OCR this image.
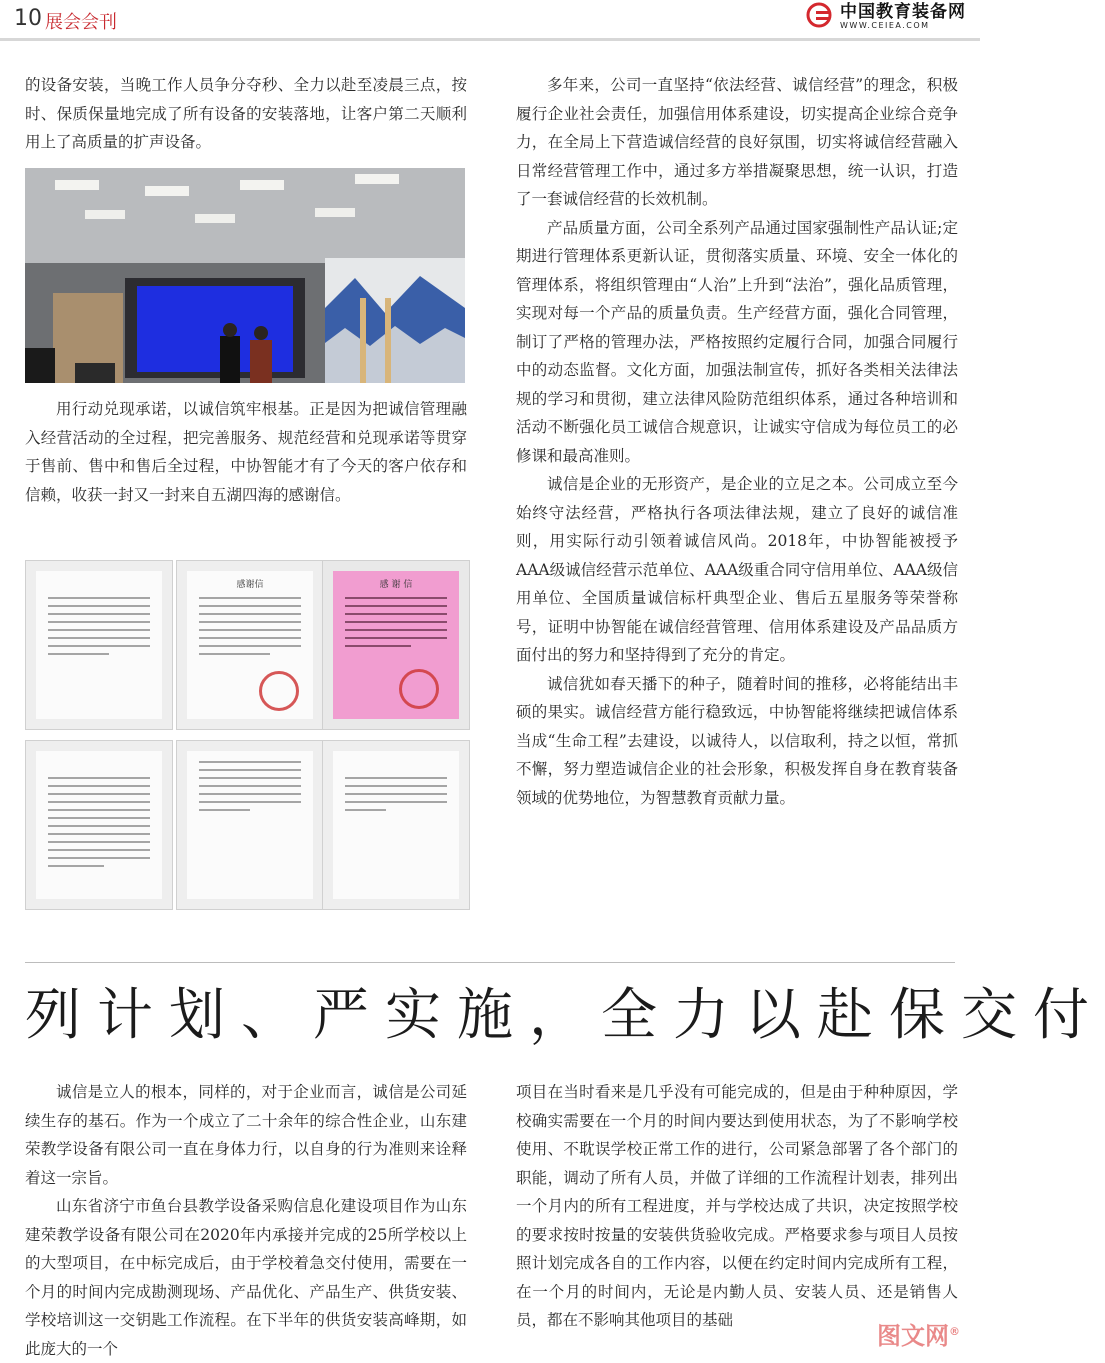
10 展会会刊	中国教育装备网
WWW.CEIEA.COM

的设备安装，当晚工作人员争分夺秒、全力以赴至凌晨三点，按时、保质保量地完成了所有设备的安装落地，让客户第二天顺利用上了高质量的扩声设备。

用行动兑现承诺，以诚信筑牢根基。正是因为把诚信管理融入经营活动的全过程，把完善服务、规范经营和兑现承诺等贯穿于售前、售中和售后全过程，中协智能才有了今天的客户依存和信赖，收获一封又一封来自五湖四海的感谢信。

感谢信	感 谢 信

多年来，公司一直坚持“依法经营、诚信经营”的理念，积极履行企业社会责任，加强信用体系建设，切实提高企业综合竞争力，在全局上下营造诚信经营的良好氛围，切实将诚信经营融入日常经营管理工作中，通过多方举措凝聚思想，统一认识，打造了一套诚信经营的长效机制。

产品质量方面，公司全系列产品通过国家强制性产品认证;定期进行管理体系更新认证，贯彻落实质量、环境、安全一体化的管理体系，将组织管理由“人治”上升到“法治”，强化品质管理，实现对每一个产品的质量负责。生产经营方面，强化合同管理，制订了严格的管理办法，严格按照约定履行合同，加强合同履行中的动态监督。文化方面，加强法制宣传，抓好各类相关法律法规的学习和贯彻，建立法律风险防范组织体系，通过各种培训和活动不断强化员工诚信合规意识，让诚实守信成为每位员工的必修课和最高准则。

诚信是企业的无形资产，是企业的立足之本。公司成立至今始终守法经营，严格执行各项法律法规，建立了良好的诚信准则，用实际行动引领着诚信风尚。2018年，中协智能被授予AAA级诚信经营示范单位、AAA级重合同守信用单位、AAA级信用单位、全国质量诚信标杆典型企业、售后五星服务等荣誉称号，证明中协智能在诚信经营管理、信用体系建设及产品品质方面付出的努力和坚持得到了充分的肯定。

诚信犹如春天播下的种子，随着时间的推移，必将能结出丰硕的果实。诚信经营方能行稳致远，中协智能将继续把诚信体系当成“生命工程”去建设，以诚待人，以信取利，持之以恒，常抓不懈，努力塑造诚信企业的社会形象，积极发挥自身在教育装备领域的优势地位，为智慧教育贡献力量。

列计划、严实施，全力以赴保交付

诚信是立人的根本，同样的，对于企业而言，诚信是公司延续生存的基石。作为一个成立了二十余年的综合性企业，山东建荣教学设备有限公司一直在身体力行，以自身的行为准则来诠释着这一宗旨。

山东省济宁市鱼台县教学设备采购信息化建设项目作为山东建荣教学设备有限公司在2020年内承接并完成的25所学校以上的大型项目，在中标完成后，由于学校着急交付使用，需要在一个月的时间内完成勘测现场、产品优化、产品生产、供货安装、学校培训这一交钥匙工作流程。在下半年的供货安装高峰期，如此庞大的一个

项目在当时看来是几乎没有可能完成的，但是由于种种原因，学校确实需要在一个月的时间内要达到使用状态，为了不影响学校使用、不耽误学校正常工作的进行，公司紧急部署了各个部门的职能，调动了所有人员，并做了详细的工作流程计划表，排列出一个月内的所有工程进度，并与学校达成了共识，决定按照学校的要求按时按量的安装供货验收完成。严格要求参与项目人员按照计划完成各自的工作内容，以便在约定时间内完成所有工程，在一个月的时间内，无论是内勤人员、安装人员、还是销售人员，都在不影响其他项目的基础

图文网®
